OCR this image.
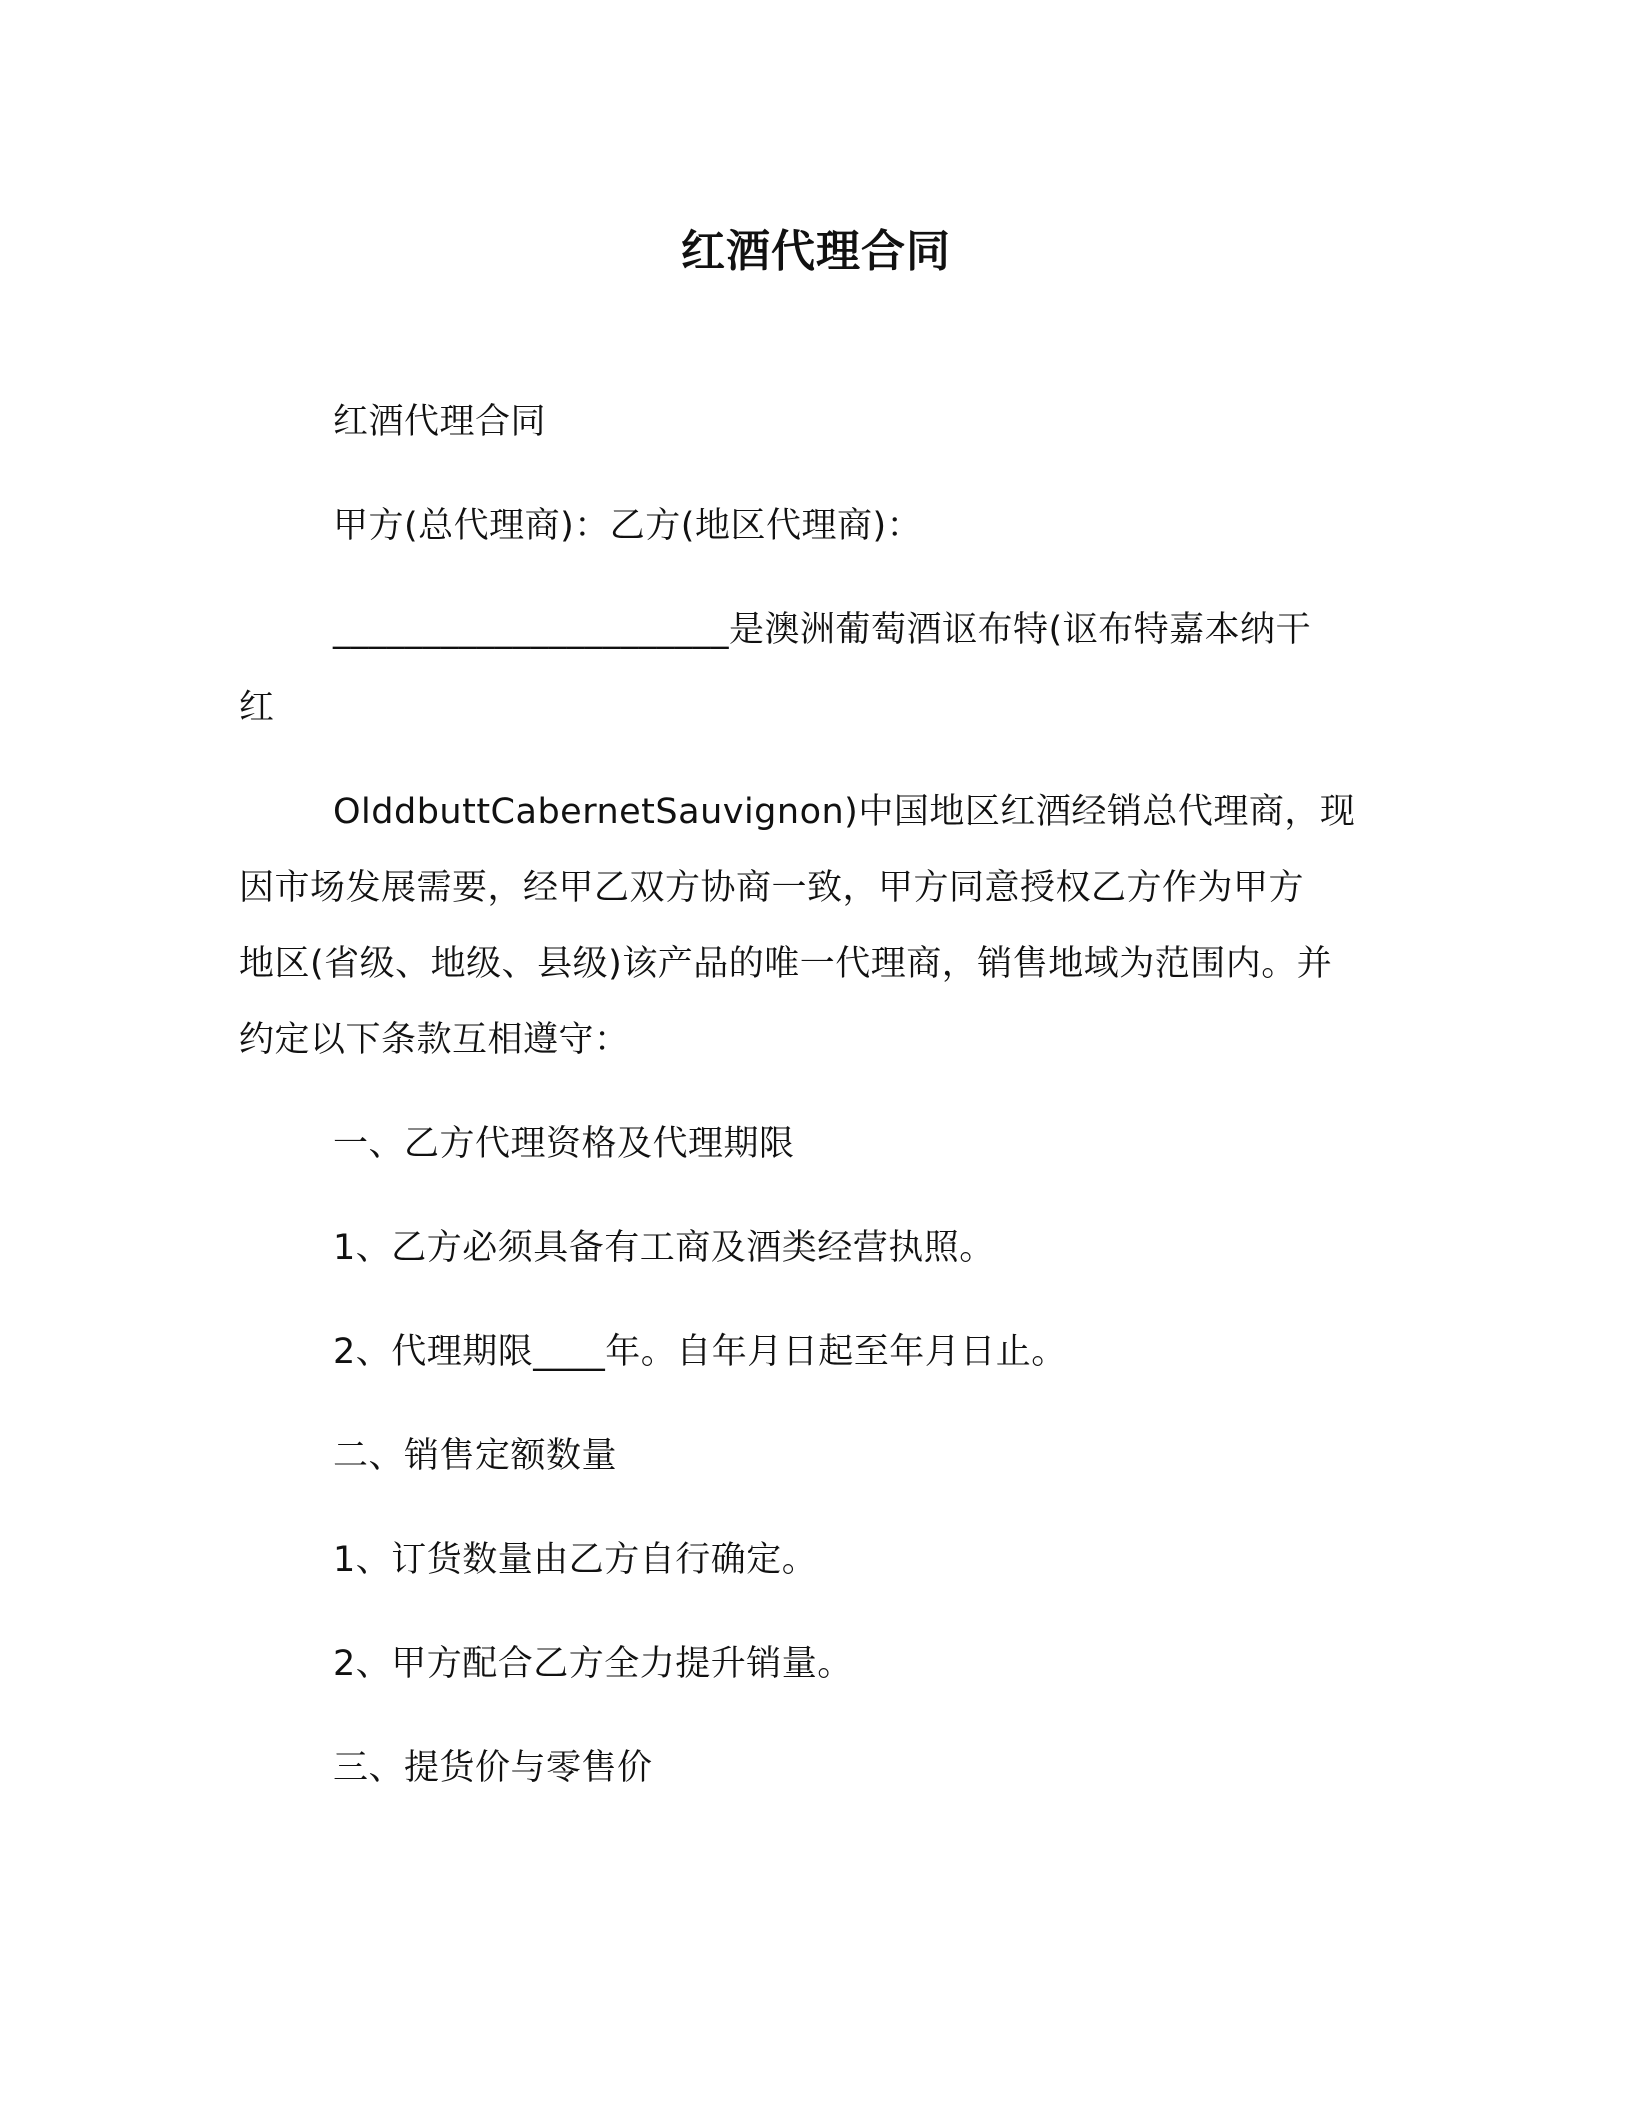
红酒代理合同
红酒代理合同
甲方(总代理商)：乙方(地区代理商)：
______________________是澳洲葡萄酒讴布特(讴布特嘉本纳干
红
OlddbuttCabernetSauvignon)中国地区红酒经销总代理商，现
因市场发展需要，经甲乙双方协商一致，甲方同意授权乙方作为甲方
地区(省级、地级、县级)该产品的唯一代理商，销售地域为范围内。并
约定以下条款互相遵守：
一、乙方代理资格及代理期限
1、乙方必须具备有工商及酒类经营执照。
2、代理期限____年。自年月日起至年月日止。
二、销售定额数量
1、订货数量由乙方自行确定。
2、甲方配合乙方全力提升销量。
三、提货价与零售价
